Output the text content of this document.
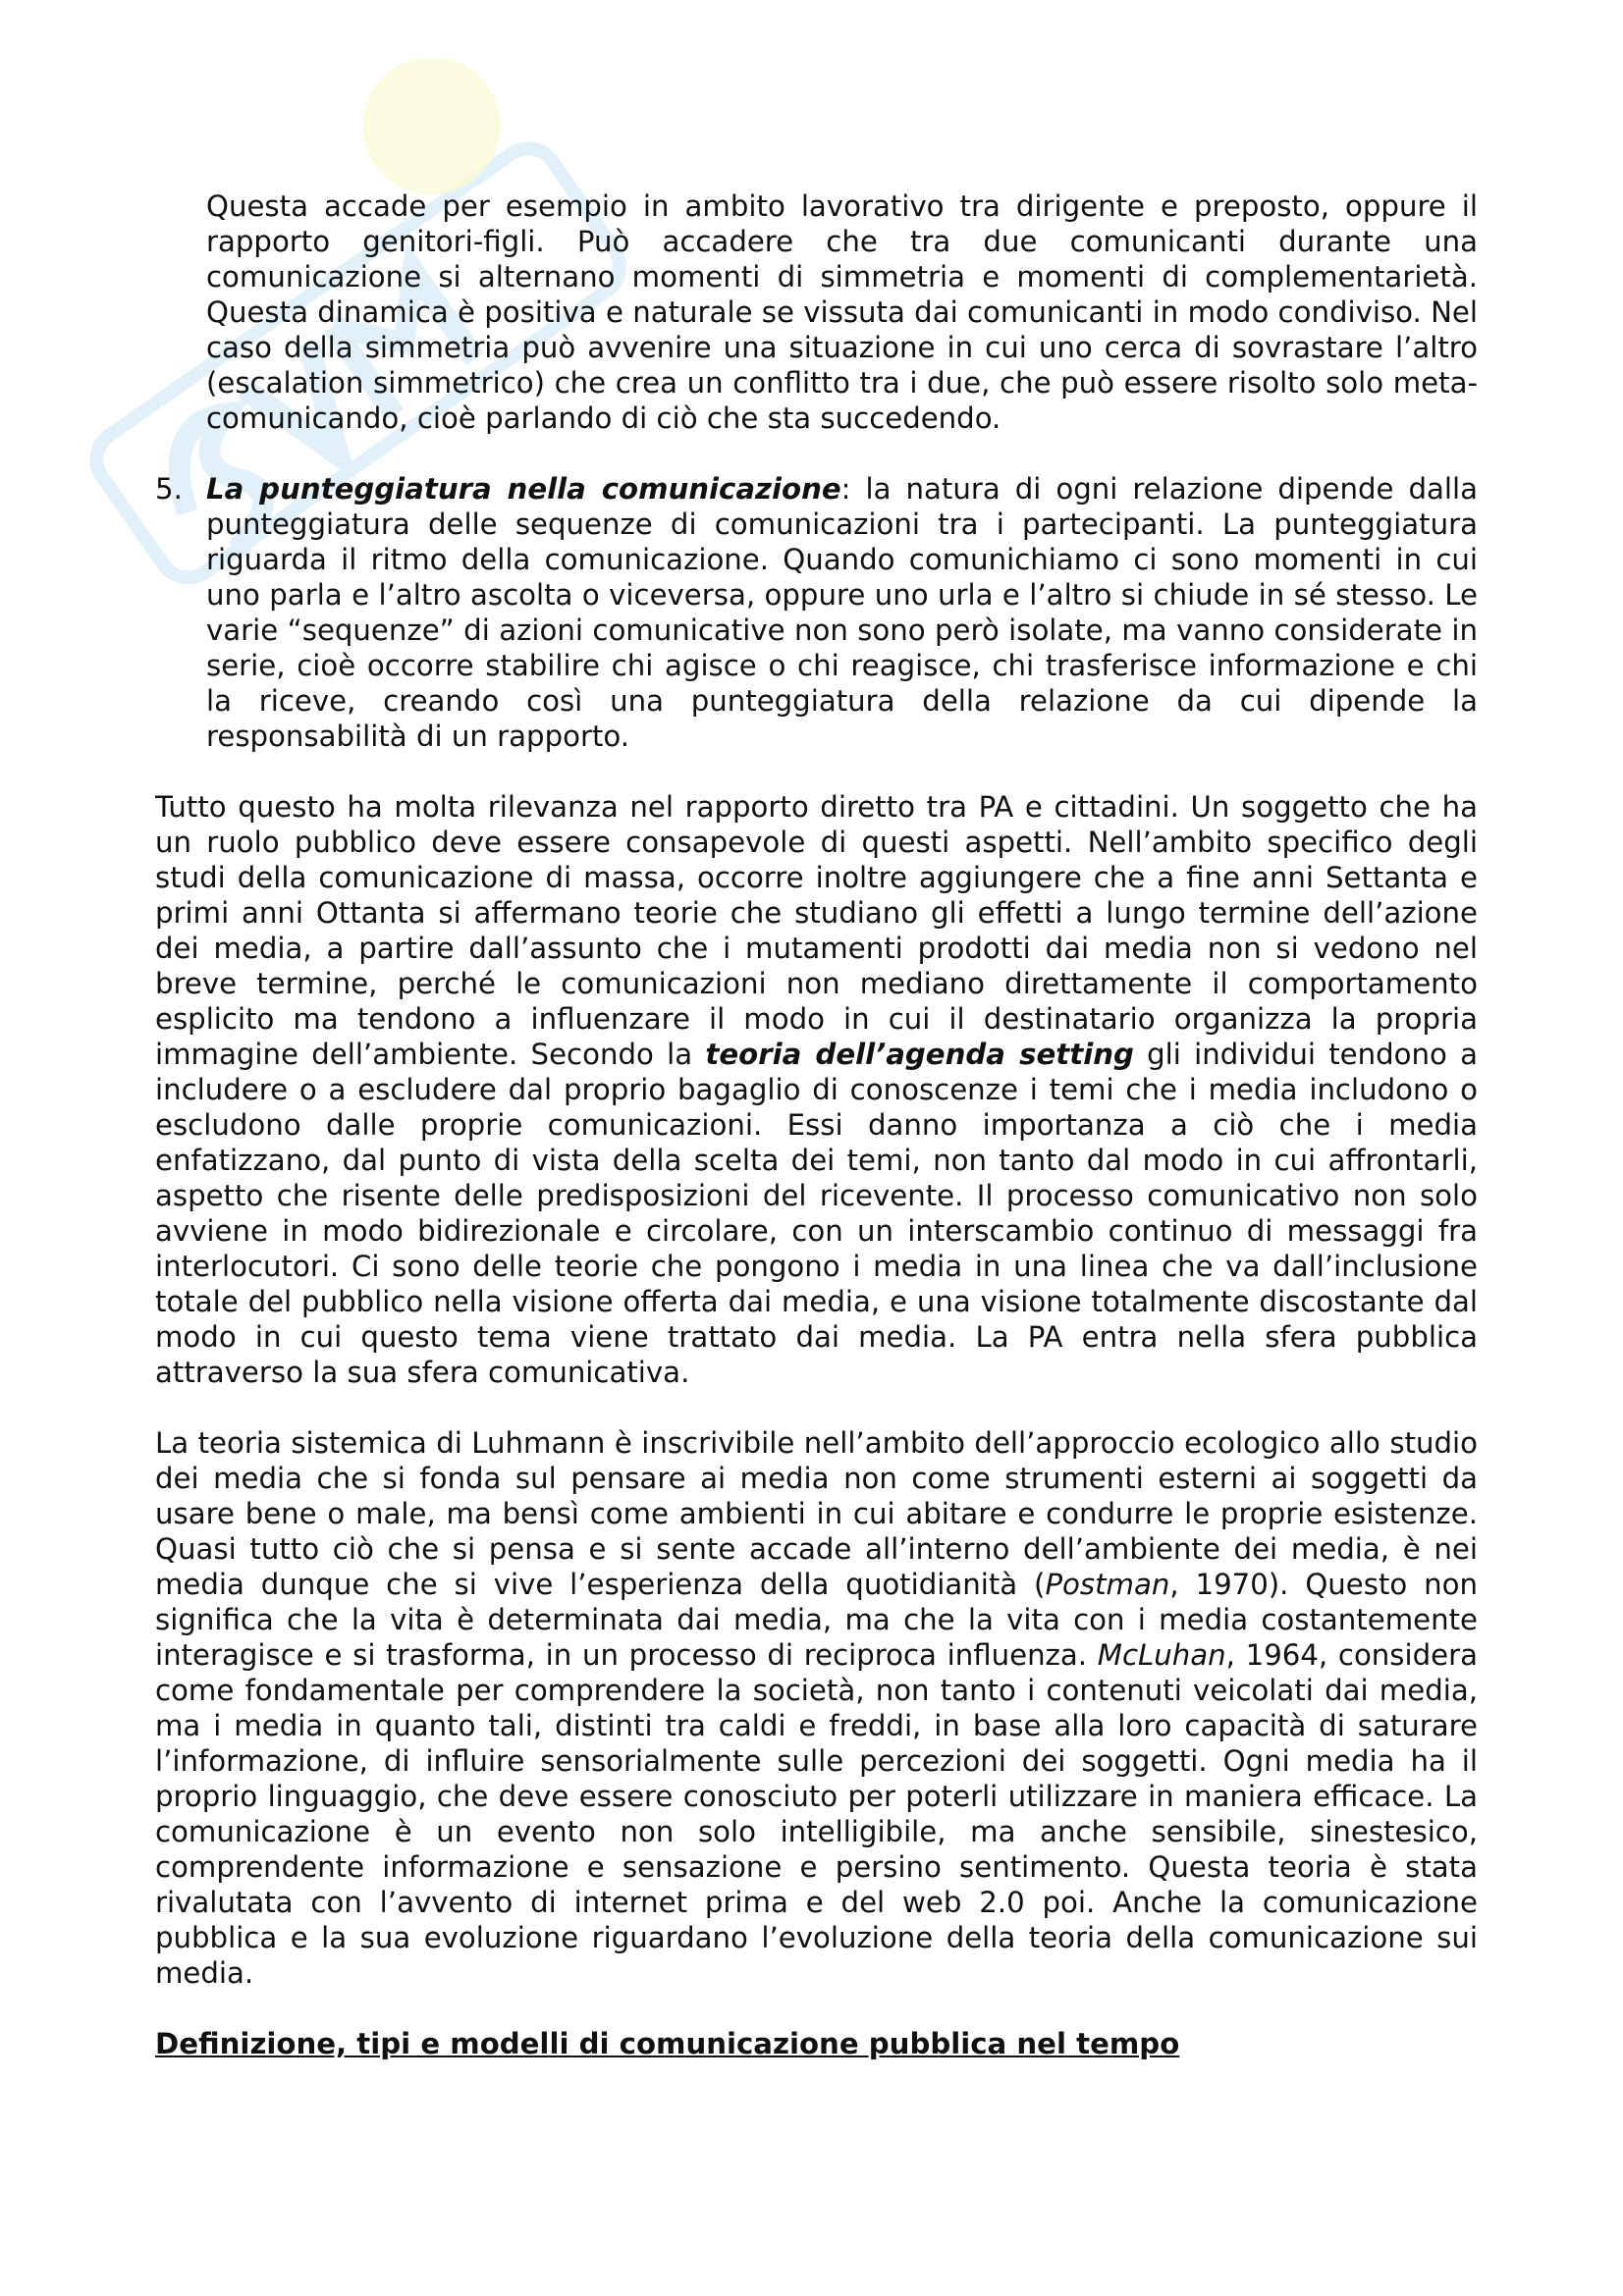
Questa accade per esempio in ambito lavorativo tra dirigente e preposto, oppure il rapporto genitori-figli. Può accadere che tra due comunicanti durante una comunicazione si alternano momenti di simmetria e momenti di complementarietà. Questa dinamica è positiva e naturale se vissuta dai comunicanti in modo condiviso. Nel caso della simmetria può avvenire una situazione in cui uno cerca di sovrastare l’altro (escalation simmetrico) che crea un conflitto tra i due, che può essere risolto solo meta-comunicando, cioè parlando di ciò che sta succedendo.

5. La punteggiatura nella comunicazione: la natura di ogni relazione dipende dalla punteggiatura delle sequenze di comunicazioni tra i partecipanti. La punteggiatura riguarda il ritmo della comunicazione. Quando comunichiamo ci sono momenti in cui uno parla e l’altro ascolta o viceversa, oppure uno urla e l’altro si chiude in sé stesso. Le varie “sequenze” di azioni comunicative non sono però isolate, ma vanno considerate in serie, cioè occorre stabilire chi agisce o chi reagisce, chi trasferisce informazione e chi la riceve, creando così una punteggiatura della relazione da cui dipende la responsabilità di un rapporto.

Tutto questo ha molta rilevanza nel rapporto diretto tra PA e cittadini. Un soggetto che ha un ruolo pubblico deve essere consapevole di questi aspetti. Nell’ambito specifico degli studi della comunicazione di massa, occorre inoltre aggiungere che a fine anni Settanta e primi anni Ottanta si affermano teorie che studiano gli effetti a lungo termine dell’azione dei media, a partire dall’assunto che i mutamenti prodotti dai media non si vedono nel breve termine, perché le comunicazioni non mediano direttamente il comportamento esplicito ma tendono a influenzare il modo in cui il destinatario organizza la propria immagine dell’ambiente. Secondo la teoria dell’agenda setting gli individui tendono a includere o a escludere dal proprio bagaglio di conoscenze i temi che i media includono o escludono dalle proprie comunicazioni. Essi danno importanza a ciò che i media enfatizzano, dal punto di vista della scelta dei temi, non tanto dal modo in cui affrontarli, aspetto che risente delle predisposizioni del ricevente. Il processo comunicativo non solo avviene in modo bidirezionale e circolare, con un interscambio continuo di messaggi fra interlocutori. Ci sono delle teorie che pongono i media in una linea che va dall’inclusione totale del pubblico nella visione offerta dai media, e una visione totalmente discostante dal modo in cui questo tema viene trattato dai media. La PA entra nella sfera pubblica attraverso la sua sfera comunicativa.

La teoria sistemica di Luhmann è inscrivibile nell’ambito dell’approccio ecologico allo studio dei media che si fonda sul pensare ai media non come strumenti esterni ai soggetti da usare bene o male, ma bensì come ambienti in cui abitare e condurre le proprie esistenze. Quasi tutto ciò che si pensa e si sente accade all’interno dell’ambiente dei media, è nei media dunque che si vive l’esperienza della quotidianità (Postman, 1970). Questo non significa che la vita è determinata dai media, ma che la vita con i media costantemente interagisce e si trasforma, in un processo di reciproca influenza. McLuhan, 1964, considera come fondamentale per comprendere la società, non tanto i contenuti veicolati dai media, ma i media in quanto tali, distinti tra caldi e freddi, in base alla loro capacità di saturare l’informazione, di influire sensorialmente sulle percezioni dei soggetti. Ogni media ha il proprio linguaggio, che deve essere conosciuto per poterli utilizzare in maniera efficace. La comunicazione è un evento non solo intelligibile, ma anche sensibile, sinestesico, comprendente informazione e sensazione e persino sentimento. Questa teoria è stata rivalutata con l’avvento di internet prima e del web 2.0 poi. Anche la comunicazione pubblica e la sua evoluzione riguardano l’evoluzione della teoria della comunicazione sui media.

Definizione, tipi e modelli di comunicazione pubblica nel tempo
